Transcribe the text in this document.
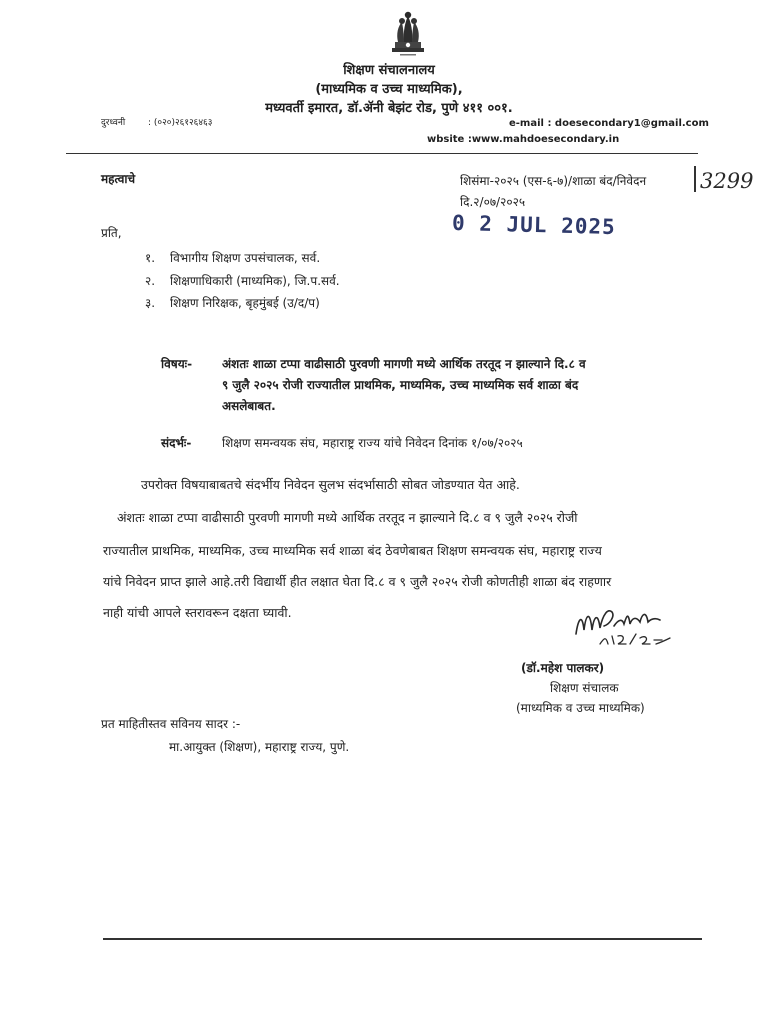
शिक्षण संचालनालय
(माध्यमिक व उच्च माध्यमिक),
मध्यवर्ती इमारत, डॉ.ॲनी बेझंट रोड, पुणे ४११ ००१.
दुरध्वनी	: (०२०)२६१२६४६३	e-mail : doesecondary1@gmail.com
wbsite :www.mahdoesecondary.in
महत्वाचे	शिसंमा-२०२५ (एस-६-७)/शाळा बंद/निवेदन	3299
दि.२/०७/२०२५
0 2 JUL 2025
प्रति,
१. विभागीय शिक्षण उपसंचालक, सर्व.
२. शिक्षणाधिकारी (माध्यमिक), जि.प.सर्व.
३. शिक्षण निरिक्षक, बृहमुंबई (उ/द/प)
विषयः- अंशतः शाळा टप्पा वाढीसाठी पुरवणी मागणी मध्ये आर्थिक तरतूद न झाल्याने दि.८ व
९ जुलै २०२५ रोजी राज्यातील प्राथमिक, माध्यमिक, उच्च माध्यमिक सर्व शाळा बंद
असलेबाबत.
संदर्भः-	शिक्षण समन्वयक संघ, महाराष्ट्र राज्य यांचे निवेदन दिनांक १/०७/२०२५
उपरोक्त विषयाबाबतचे संदर्भीय निवेदन सुलभ संदर्भासाठी सोबत जोडण्यात येत आहे.
अंशतः शाळा टप्पा वाढीसाठी पुरवणी मागणी मध्ये आर्थिक तरतूद न झाल्याने दि.८ व ९ जुलै २०२५ रोजी
राज्यातील प्राथमिक, माध्यमिक, उच्च माध्यमिक सर्व शाळा बंद ठेवणेबाबत शिक्षण समन्वयक संघ, महाराष्ट्र राज्य
यांचे निवेदन प्राप्त झाले आहे.तरी विद्यार्थी हीत लक्षात घेता दि.८ व ९ जुलै २०२५ रोजी कोणतीही शाळा बंद राहणार
नाही यांची आपले स्तरावरून दक्षता घ्यावी.
(डॉ.महेश पालकर)
शिक्षण संचालक
(माध्यमिक व उच्च माध्यमिक)
प्रत माहितीस्तव सविनय सादर :-
मा.आयुक्त (शिक्षण), महाराष्ट्र राज्य, पुणे.
